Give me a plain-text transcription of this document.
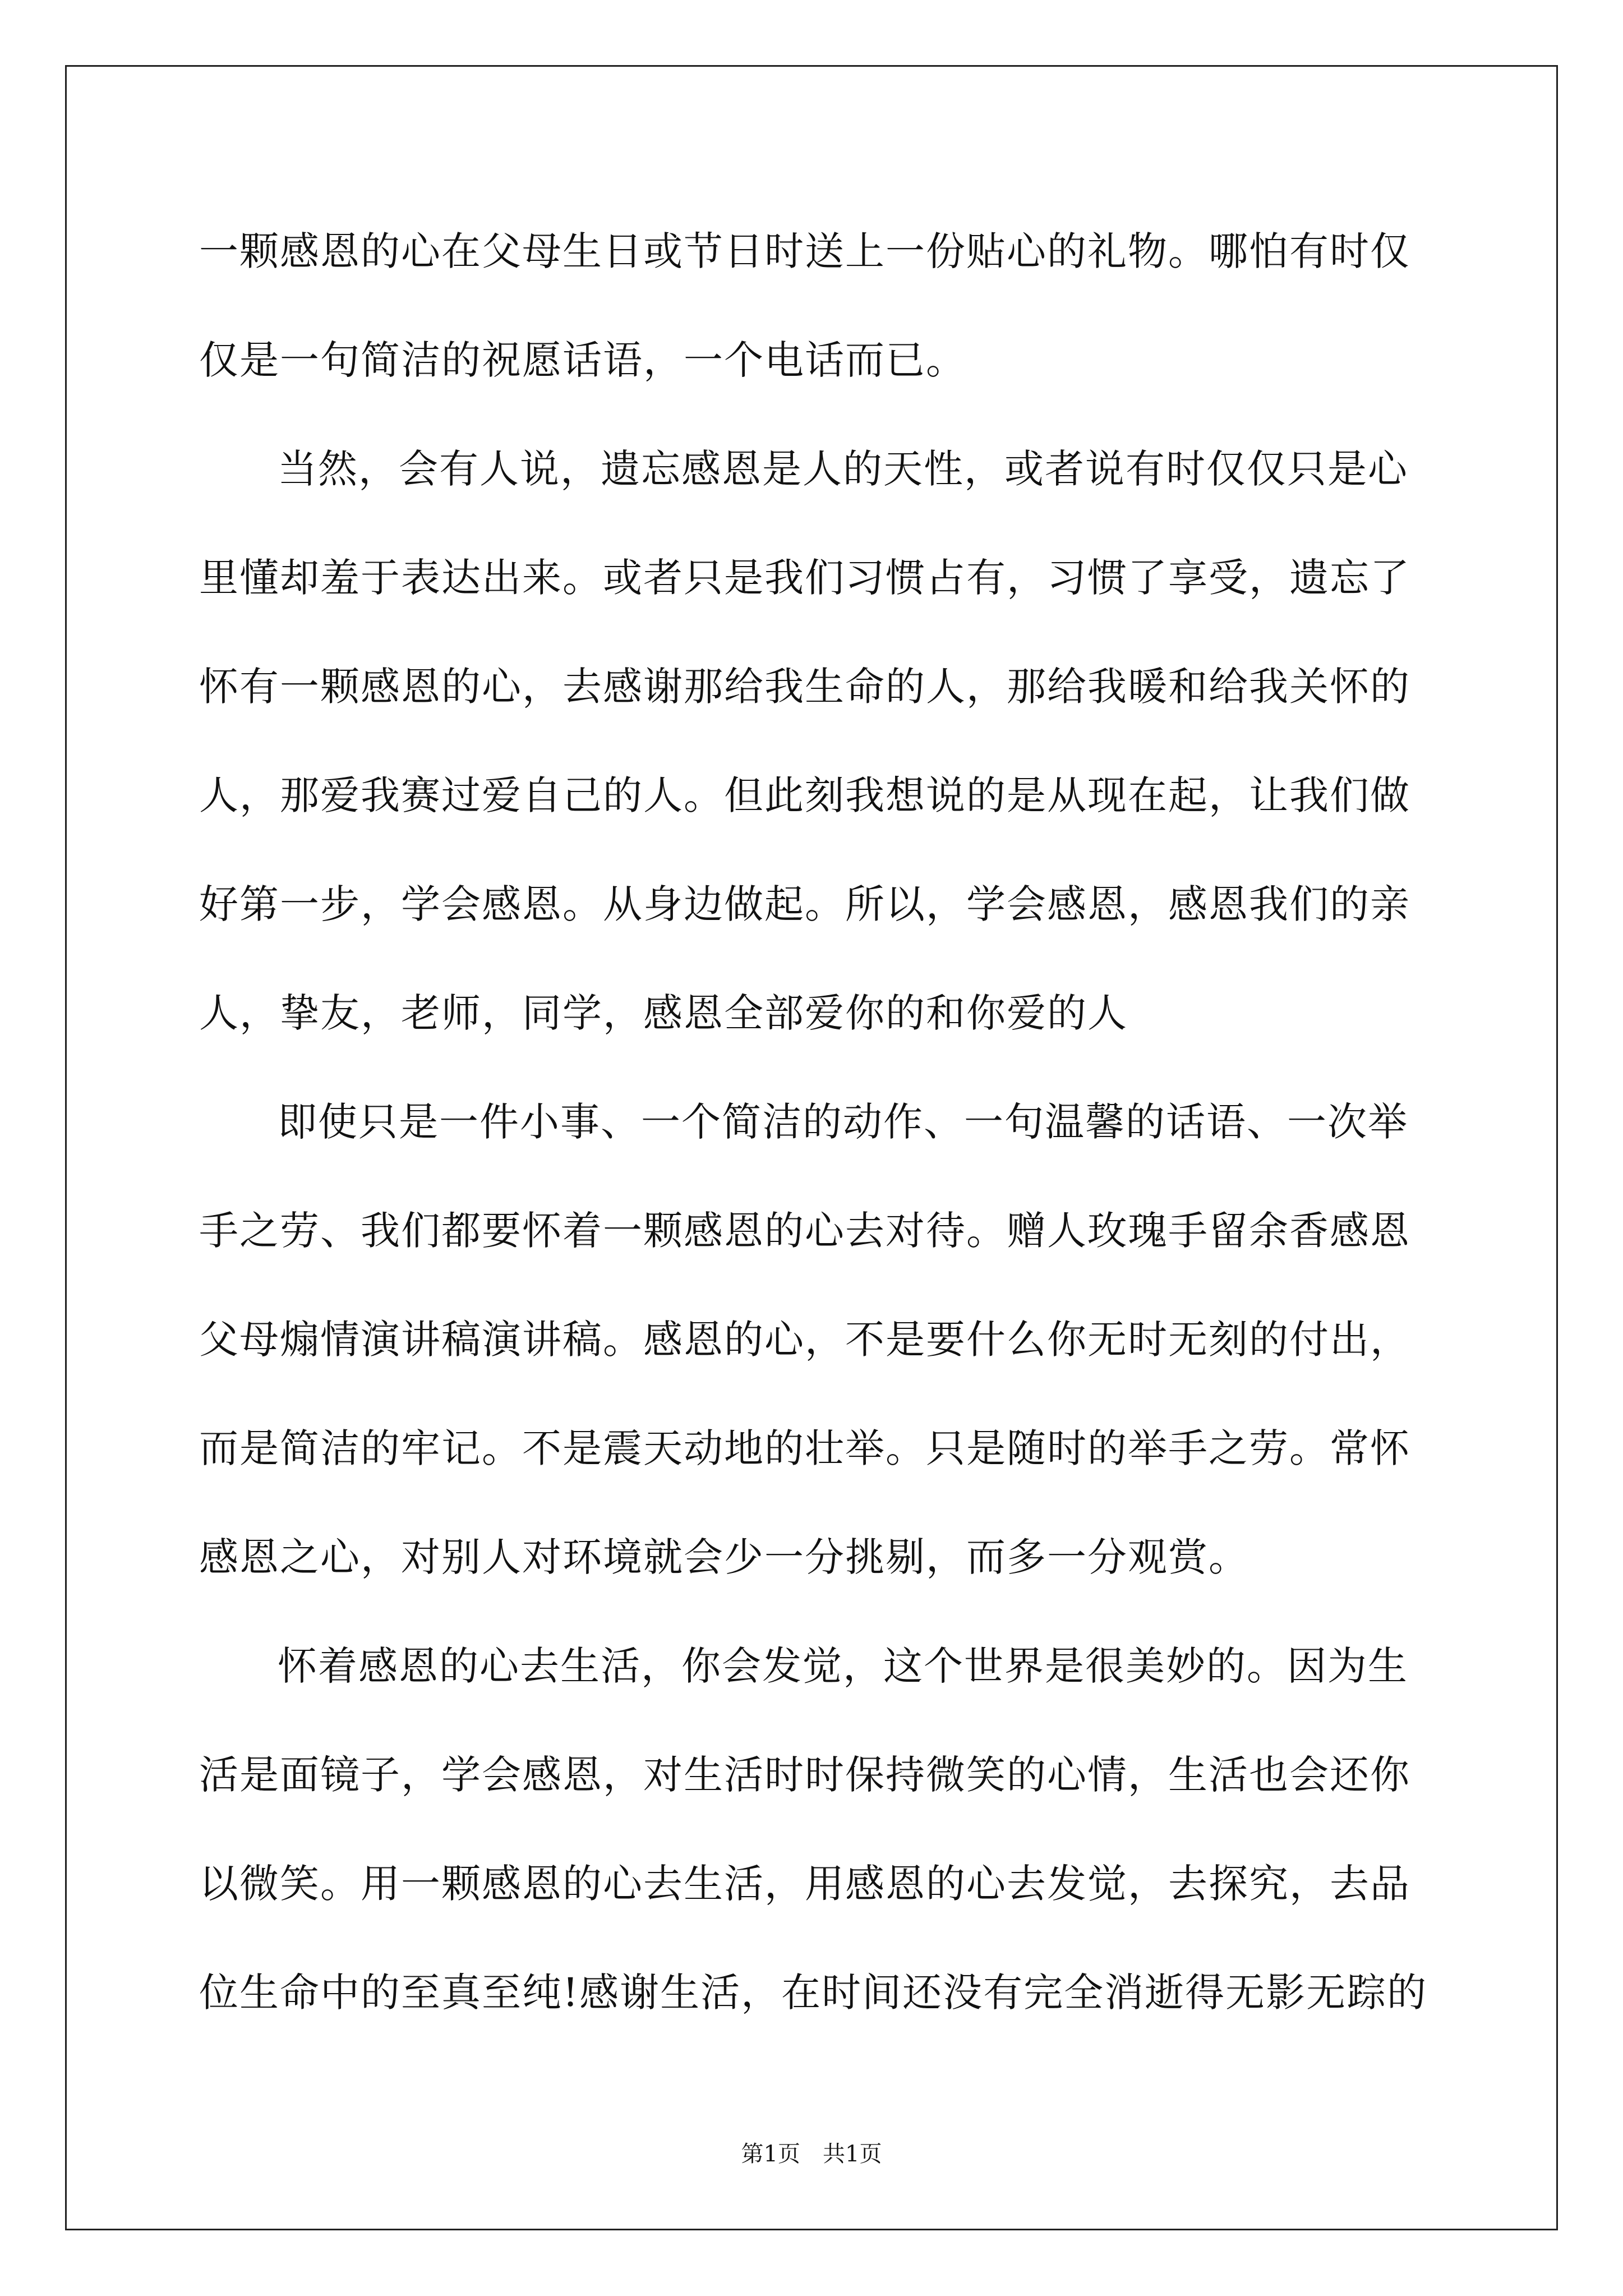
一颗感恩的心在父母生日或节日时送上一份贴心的礼物。哪怕有时仅
仅是一句简洁的祝愿话语，一个电话而已。
当然，会有人说，遗忘感恩是人的天性，或者说有时仅仅只是心
里懂却羞于表达出来。或者只是我们习惯占有，习惯了享受，遗忘了
怀有一颗感恩的心，去感谢那给我生命的人，那给我暖和给我关怀的
人，那爱我赛过爱自己的人。但此刻我想说的是从现在起，让我们做
好第一步，学会感恩。从身边做起。所以，学会感恩，感恩我们的亲
人，挚友，老师，同学，感恩全部爱你的和你爱的人
即使只是一件小事、一个简洁的动作、一句温馨的话语、一次举
手之劳、我们都要怀着一颗感恩的心去对待。赠人玫瑰手留余香感恩
父母煽情演讲稿演讲稿。感恩的心，不是要什么你无时无刻的付出，
而是简洁的牢记。不是震天动地的壮举。只是随时的举手之劳。常怀
感恩之心，对别人对环境就会少一分挑剔，而多一分观赏。
怀着感恩的心去生活，你会发觉，这个世界是很美妙的。因为生
活是面镜子，学会感恩，对生活时时保持微笑的心情，生活也会还你
以微笑。用一颗感恩的心去生活，用感恩的心去发觉，去探究，去品
位生命中的至真至纯!感谢生活，在时间还没有完全消逝得无影无踪的
第1页 共1页
